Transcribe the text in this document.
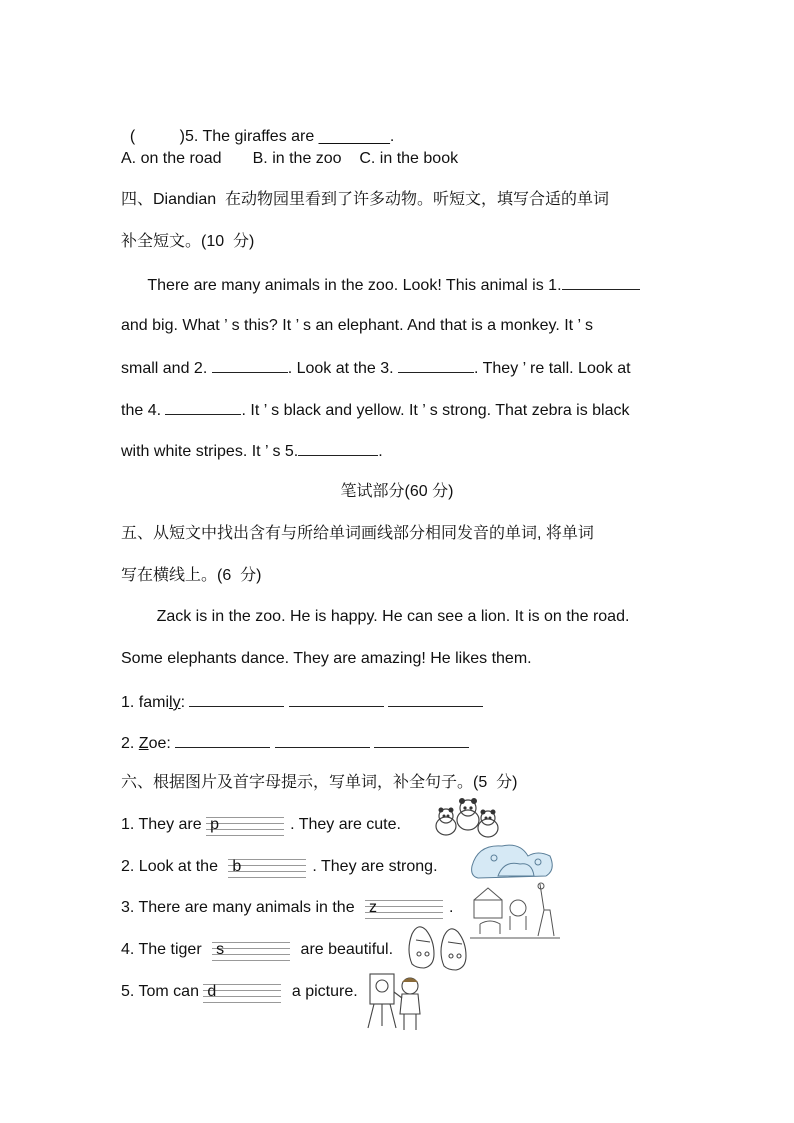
(          )5. The giraffes are ________.

A. on the road       B. in the zoo    C. in the book
四、Diandian  在动物园里看到了许多动物。听短文，填写合适的单词
补全短文。(10  分)
There are many animals in the zoo. Look! This animal is 1.
and big. What ’ s this? It ’ s an elephant. And that is a monkey. It ’ s
small and 2.	. Look at the 3.	. They ’ re tall. Look at
the 4.	. It ’ s black and yellow. It ’ s strong. That zebra is black
with white stripes. It ’ s 5.	.
笔试部分(60 分)
五、从短文中找出含有与所给单词画线部分相同发音的单词, 将单词
写在横线上。(6  分)
Zack is in the zoo. He is happy. He can see a lion. It is on the road.
Some elephants dance. They are amazing! He likes them.
1. family:
2. Zoe:
六、根据图片及首字母提示，写单词，补全句子。(5  分)
1. They are p	. They are cute.
2. Look at the b	. They are strong.
3. There are many animals in the z	.
4. The tiger s	are beautiful.
5. Tom can d	a picture.
